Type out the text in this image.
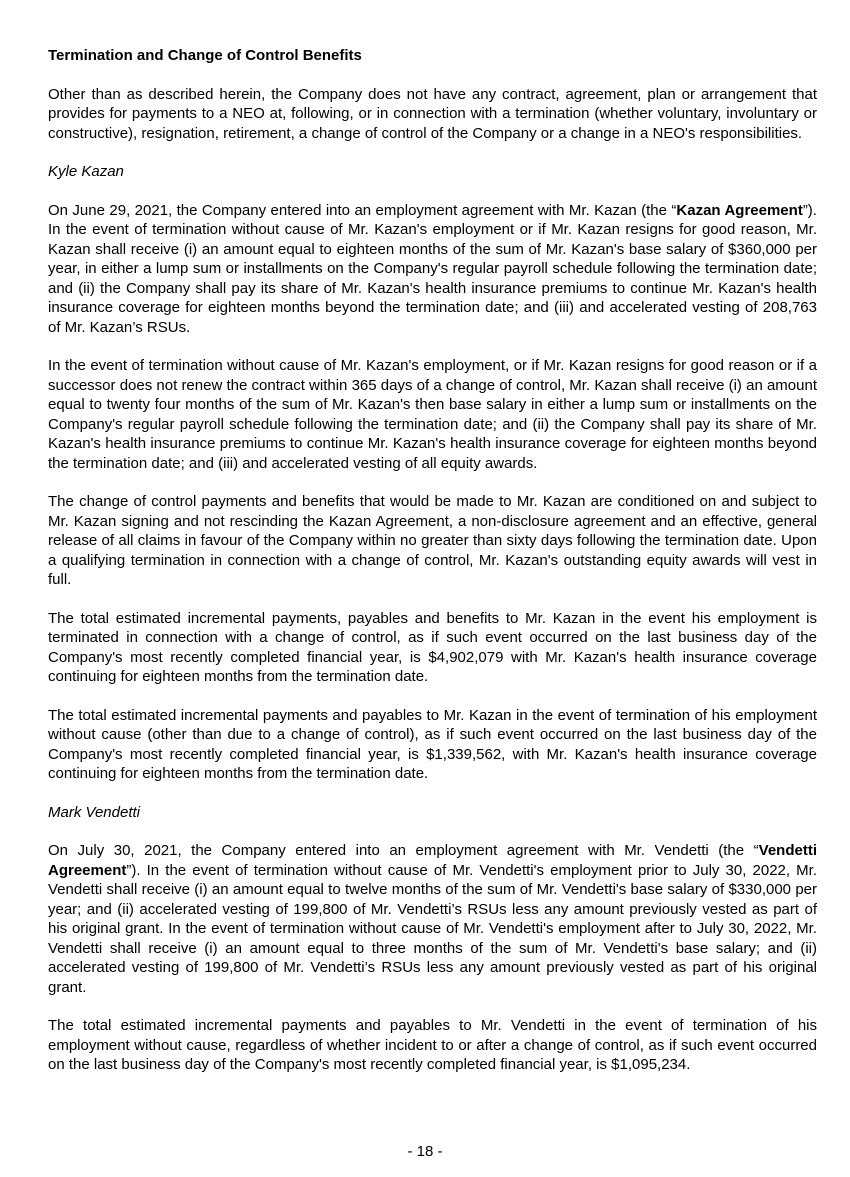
Termination and Change of Control Benefits

Other than as described herein, the Company does not have any contract, agreement, plan or arrangement that provides for payments to a NEO at, following, or in connection with a termination (whether voluntary, involuntary or constructive), resignation, retirement, a change of control of the Company or a change in a NEO's responsibilities.

Kyle Kazan

On June 29, 2021, the Company entered into an employment agreement with Mr. Kazan (the “Kazan Agreement”). In the event of termination without cause of Mr. Kazan's employment or if Mr. Kazan resigns for good reason, Mr. Kazan shall receive (i) an amount equal to eighteen months of the sum of Mr. Kazan's base salary of $360,000 per year, in either a lump sum or installments on the Company's regular payroll schedule following the termination date; and (ii) the Company shall pay its share of Mr. Kazan's health insurance premiums to continue Mr. Kazan's health insurance coverage for eighteen months beyond the termination date; and (iii) and accelerated vesting of 208,763 of Mr. Kazan’s RSUs.

In the event of termination without cause of Mr. Kazan's employment, or if Mr. Kazan resigns for good reason or if a successor does not renew the contract within 365 days of a change of control, Mr. Kazan shall receive (i) an amount equal to twenty four months of the sum of Mr. Kazan's then base salary in either a lump sum or installments on the Company's regular payroll schedule following the termination date; and (ii) the Company shall pay its share of Mr. Kazan's health insurance premiums to continue Mr. Kazan's health insurance coverage for eighteen months beyond the termination date; and (iii) and accelerated vesting of all equity awards.

The change of control payments and benefits that would be made to Mr. Kazan are conditioned on and subject to Mr. Kazan signing and not rescinding the Kazan Agreement, a non-disclosure agreement and an effective, general release of all claims in favour of the Company within no greater than sixty days following the termination date. Upon a qualifying termination in connection with a change of control, Mr. Kazan's outstanding equity awards will vest in full.

The total estimated incremental payments, payables and benefits to Mr. Kazan in the event his employment is terminated in connection with a change of control, as if such event occurred on the last business day of the Company's most recently completed financial year, is $4,902,079 with Mr. Kazan's health insurance coverage continuing for eighteen months from the termination date.

The total estimated incremental payments and payables to Mr. Kazan in the event of termination of his employment without cause (other than due to a change of control), as if such event occurred on the last business day of the Company's most recently completed financial year, is $1,339,562, with Mr. Kazan's health insurance coverage continuing for eighteen months from the termination date.

Mark Vendetti

On July 30, 2021, the Company entered into an employment agreement with Mr. Vendetti (the “Vendetti Agreement”). In the event of termination without cause of Mr. Vendetti's employment prior to July 30, 2022, Mr. Vendetti shall receive (i) an amount equal to twelve months of the sum of Mr. Vendetti's base salary of $330,000 per year; and (ii) accelerated vesting of 199,800 of Mr. Vendetti’s RSUs less any amount previously vested as part of his original grant. In the event of termination without cause of Mr. Vendetti's employment after to July 30, 2022, Mr. Vendetti shall receive (i) an amount equal to three months of the sum of Mr. Vendetti's base salary; and (ii) accelerated vesting of 199,800 of Mr. Vendetti’s RSUs less any amount previously vested as part of his original grant.

The total estimated incremental payments and payables to Mr. Vendetti in the event of termination of his employment without cause, regardless of whether incident to or after a change of control, as if such event occurred on the last business day of the Company's most recently completed financial year, is $1,095,234.

- 18 -
